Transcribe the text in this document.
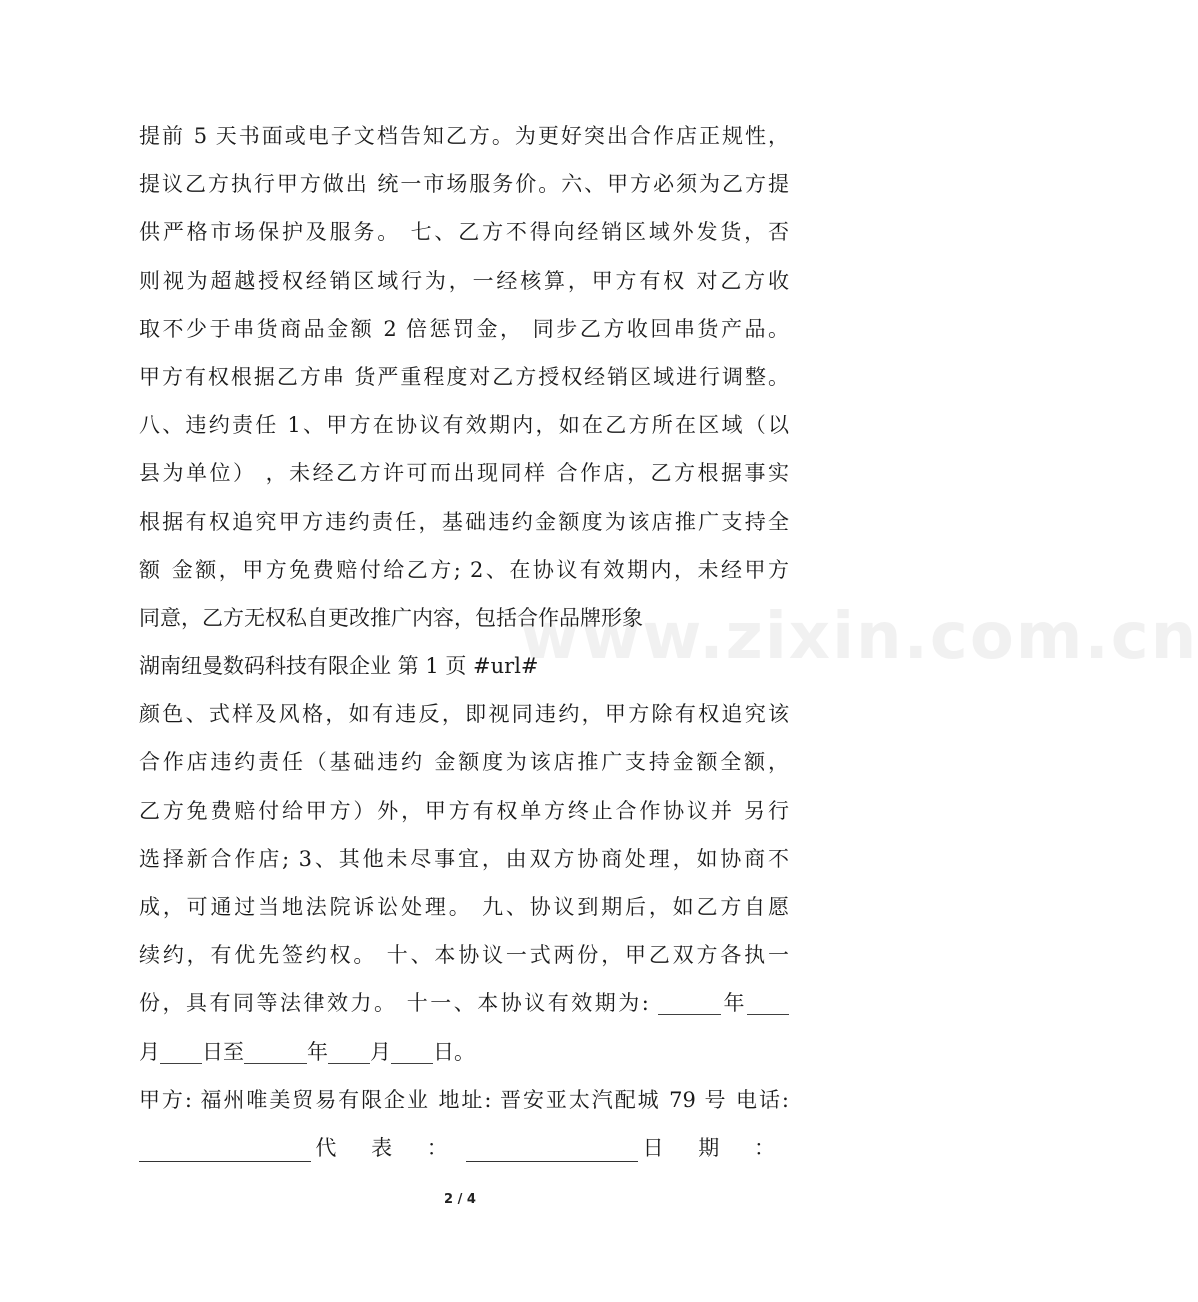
www.zixin.com.cn
提前 5 天书面或电子文档告知乙方。为更好突出合作店正规性，
提议乙方执行甲方做出 统一市场服务价。六、甲方必须为乙方提
供严格市场保护及服务。 七、乙方不得向经销区域外发货，否
则视为超越授权经销区域行为，一经核算，甲方有权 对乙方收
取不少于串货商品金额 2 倍惩罚金， 同步乙方收回串货产品。
甲方有权根据乙方串 货严重程度对乙方授权经销区域进行调整。
八、违约责任 1、甲方在协议有效期内，如在乙方所在区域（以
县为单位） ，未经乙方许可而出现同样 合作店，乙方根据事实
根据有权追究甲方违约责任，基础违约金额度为该店推广支持全
额 金额，甲方免费赔付给乙方; 2、在协议有效期内，未经甲方
同意，乙方无权私自更改推广内容，包括合作品牌形象
湖南纽曼数码科技有限企业 第 1 页 #url#
颜色、式样及风格，如有违反，即视同违约，甲方除有权追究该
合作店违约责任（基础违约 金额度为该店推广支持金额全额，
乙方免费赔付给甲方）外，甲方有权单方终止合作协议并 另行
选择新合作店; 3、其他未尽事宜，由双方协商处理，如协商不
成，可通过当地法院诉讼处理。 九、协议到期后，如乙方自愿
续约，有优先签约权。 十、本协议一式两份，甲乙双方各执一
份，具有同等法律效力。 十一、本协议有效期为: ______年____
月____日至______年____月____日。
甲方: 福州唯美贸易有限企业 地址: 晋安亚太汽配城 79 号 电话:
代 表 ：	日 期 ：
2 / 4
